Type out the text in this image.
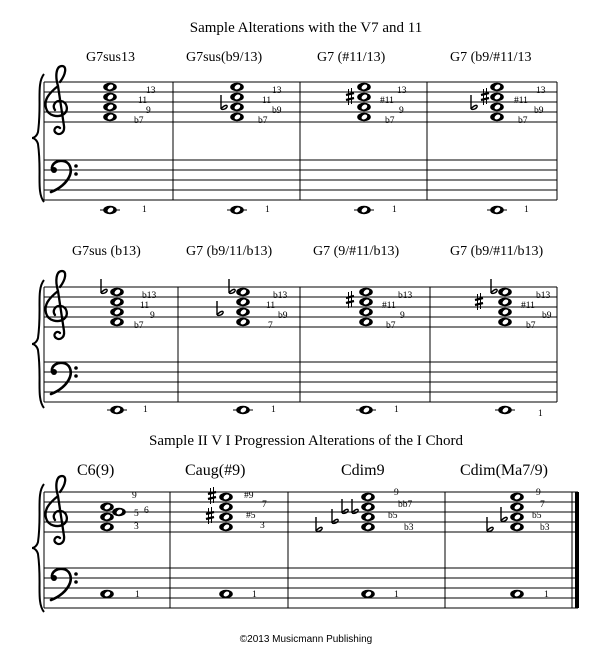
Sample Alterations with the V7 and 11
Sample II V I Progression Alterations of the I Chord
G7sus13	G7sus(b9/13)	G7 (#11/13)	G7 (b9/#11/13
G7sus (b13)	G7 (b9/11/b13)	G7 (9/#11/b13)	G7 (b9/#11/b13)
C6(9)	Caug(#9)	Cdim9	Cdim(Ma7/9)
13
11
9
b7
13
11
b9
b7
13
#11
9
b7
13
#11
b9
b7
b13
11
9
b7
b13
11
b9
7
b13
#11
9
b7
b13
#11
b9
b7
9
5 6
3
#9
7
#5
3
9
bb7
b5
b3
9
7
b5
b3
1	1	1	1
1	1	1	1
1	1	1	1
©2013 Musicmann Publishing
